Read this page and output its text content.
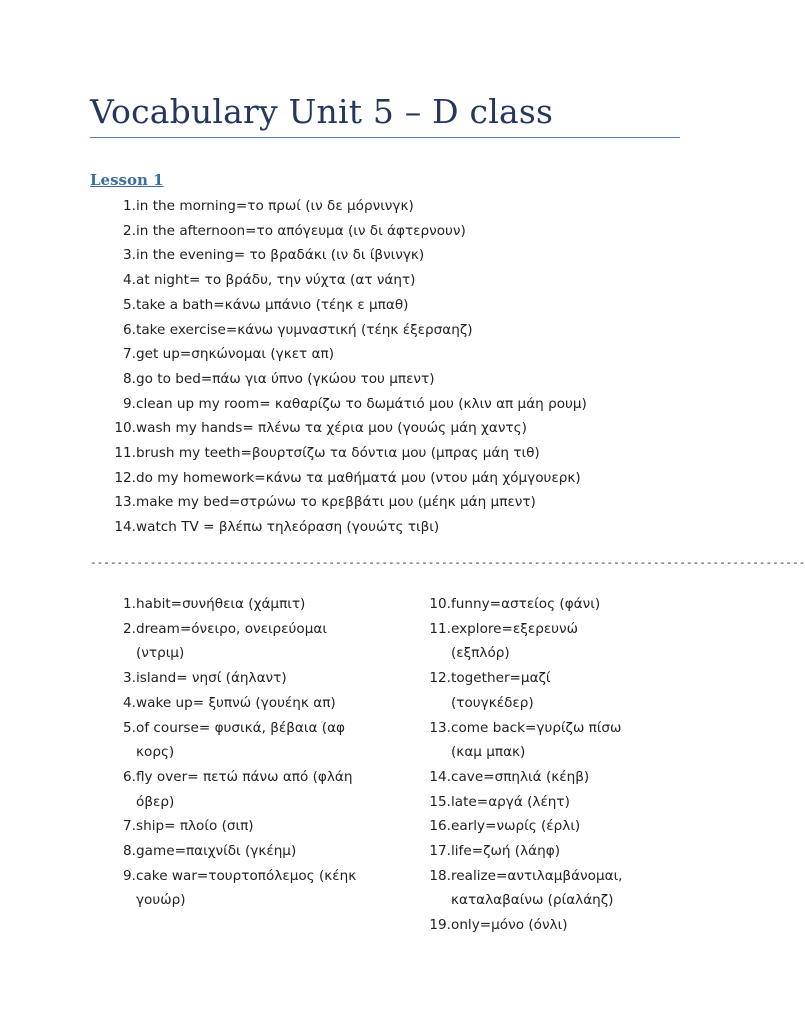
Vocabulary Unit 5 – D class
Lesson 1
1. in the morning=το πρωί (ιν δε μόρνινγκ)
2. in the afternoon=το απόγευμα (ιν δι άφτερνουν)
3. in the evening= το βραδάκι (ιν δι ίβνινγκ)
4. at night= το βράδυ, την νύχτα (ατ νάητ)
5. take a bath=κάνω μπάνιο (τέηκ ε μπαθ)
6. take exercise=κάνω γυμναστική (τέηκ έξερσαηζ)
7. get up=σηκώνομαι (γκετ απ)
8. go to bed=πάω για ύπνο (γκώου του μπεντ)
9. clean up my room= καθαρίζω το δωμάτιό μου (κλιν απ μάη ρουμ)
10. wash my hands= πλένω τα χέρια μου (γουώς μάη χαντς)
11. brush my teeth=βουρτσίζω τα δόντια μου (μπρας μάη τιθ)
12. do my homework=κάνω τα μαθήματά μου (ντου μάη χόμγουερκ)
13. make my bed=στρώνω το κρεββάτι μου (μέηκ μάη μπεντ)
14. watch TV = βλέπω τηλεόραση (γουώτς τιβι)
------------------------------------------------------------------------------------------------------------
1. habit=συνήθεια (χάμπιτ)
2. dream=όνειρο, ονειρεύομαι (ντριμ)
3. island= νησί (άηλαντ)
4. wake up= ξυπνώ (γουέηκ απ)
5. of course= φυσικά, βέβαια (αφ κορς)
6. fly over= πετώ πάνω από (φλάη όβερ)
7. ship= πλοίο (σιπ)
8. game=παιχνίδι (γκέημ)
9. cake war=τουρτοπόλεμος (κέηκ γουώρ)
10. funny=αστείος (φάνι)
11. explore=εξερευνώ (εξπλόρ)
12. together=μαζί (τουγκέδερ)
13. come back=γυρίζω πίσω (καμ μπακ)
14. cave=σπηλιά (κέηβ)
15. late=αργά (λέητ)
16. early=νωρίς (έρλι)
17. life=ζωή (λάηφ)
18. realize=αντιλαμβάνομαι, καταλαβαίνω (ρίαλάηζ)
19. only=μόνο (όνλι)
